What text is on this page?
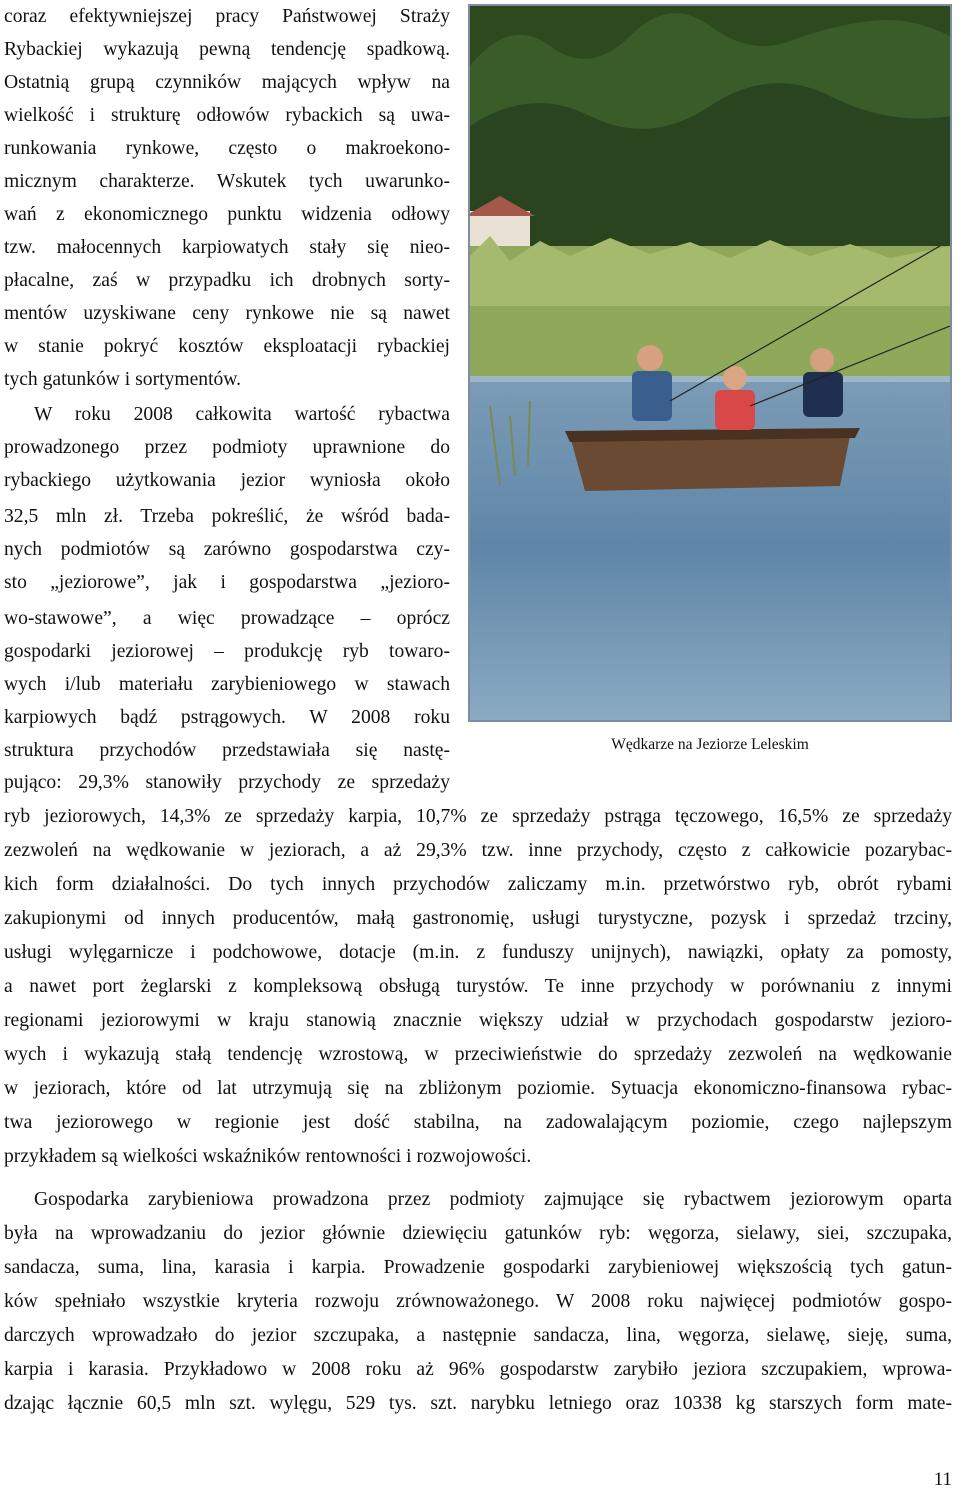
coraz efektywniejszej pracy Państwowej Straży
Rybackiej wykazują pewną tendencję spadkową.
Ostatnią grupą czynników mających wpływ na
wielkość i strukturę odłowów rybackich są uwa-
runkowania rynkowe, często o makroekono-
micznym charakterze. Wskutek tych uwarunko-
wań z ekonomicznego punktu widzenia odłowy
tzw. małocennych karpiowatych stały się nieo-
płacalne, zaś w przypadku ich drobnych sorty-
mentów uzyskiwane ceny rynkowe nie są nawet
w stanie pokryć kosztów eksploatacji rybackiej
tych gatunków i sortymentów.
W roku 2008 całkowita wartość rybactwa
prowadzonego przez podmioty uprawnione do
rybackiego użytkowania jezior wyniosła około
32,5 mln zł. Trzeba pokreślić, że wśród bada-
nych podmiotów są zarówno gospodarstwa czy-
sto „jeziorowe”, jak i gospodarstwa „jezioro-
wo-stawowe”, a więc prowadzące – oprócz
gospodarki jeziorowej – produkcję ryb towaro-
wych i/lub materiału zarybieniowego w stawach
karpiowych bądź pstrągowych. W 2008 roku
struktura przychodów przedstawiała się nastę-
pująco: 29,3% stanowiły przychody ze sprzedaży
Wędkarze na Jeziorze Leleskim
ryb jeziorowych, 14,3% ze sprzedaży karpia, 10,7% ze sprzedaży pstrąga tęczowego, 16,5% ze sprzedaży
zezwoleń na wędkowanie w jeziorach, a aż 29,3% tzw. inne przychody, często z całkowicie pozarybac-
kich form działalności. Do tych innych przychodów zaliczamy m.in. przetwórstwo ryb, obrót rybami
zakupionymi od innych producentów, małą gastronomię, usługi turystyczne, pozysk i sprzedaż trzciny,
usługi wylęgarnicze i podchowowe, dotacje (m.in. z funduszy unijnych), nawiązki, opłaty za pomosty,
a nawet port żeglarski z kompleksową obsługą turystów. Te inne przychody w porównaniu z innymi
regionami jeziorowymi w kraju stanowią znacznie większy udział w przychodach gospodarstw jeziоro-
wych i wykazują stałą tendencję wzrostową, w przeciwieństwie do sprzedaży zezwoleń na wędkowanie
w jeziorach, które od lat utrzymują się na zbliżonym poziomie. Sytuacja ekonomiczno-finansowa rybac-
twa jeziorowego w regionie jest dość stabilna, na zadowalającym poziomie, czego najlepszym
przykładem są wielkości wskaźników rentowności i rozwojowości.
Gospodarka zarybieniowa prowadzona przez podmioty zajmujące się rybactwem jeziorowym oparta
była na wprowadzaniu do jezior głównie dziewięciu gatunków ryb: węgorza, sielawy, siei, szczupaka,
sandacza, suma, lina, karasia i karpia. Prowadzenie gospodarki zarybieniowej większością tych gatun-
ków spełniało wszystkie kryteria rozwoju zrównoważonego. W 2008 roku najwięcej podmiotów gospo-
darczych wprowadzało do jezior szczupaka, a następnie sandacza, lina, węgorza, sielawę, sieję, suma,
karpia i karasia. Przykładowo w 2008 roku aż 96% gospodarstw zarybiło jeziora szczupakiem, wprowa-
dzając łącznie 60,5 mln szt. wylęgu, 529 tys. szt. narybku letniego oraz 10338 kg starszych form mate-
11
